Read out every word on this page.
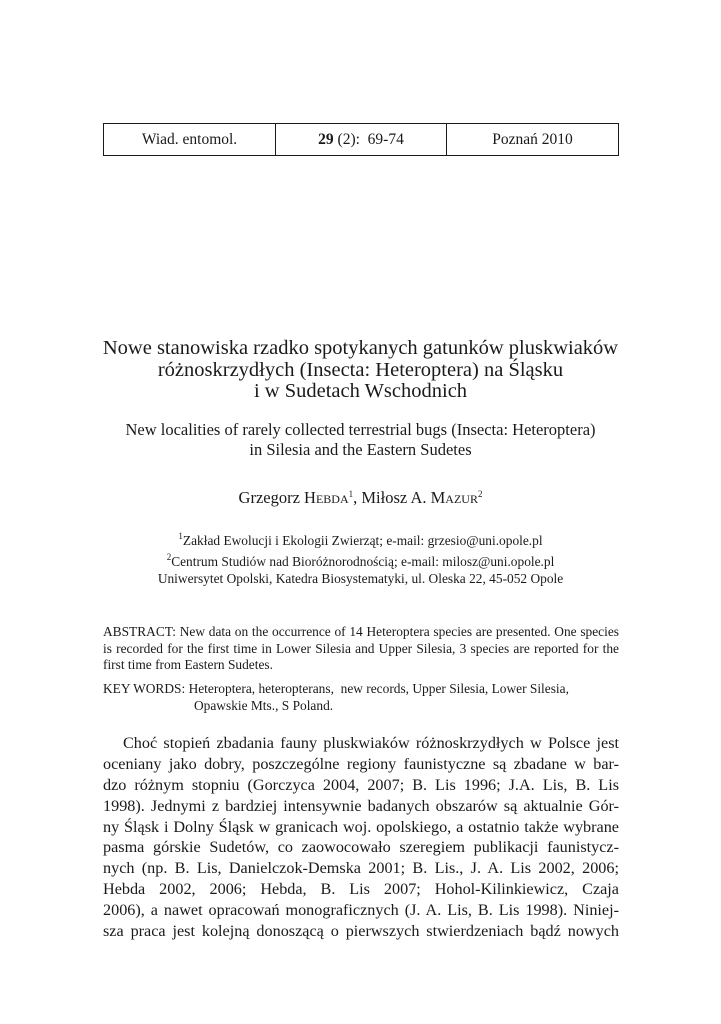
Wiad. entomol.	29 (2):  69-74	Poznań 2010
Nowe stanowiska rzadko spotykanych gatunków pluskwiaków
różnoskrzydłych (Insecta: Heteroptera) na Śląsku
i w Sudetach Wschodnich
New localities of rarely collected terrestrial bugs (Insecta: Heteroptera)
in Silesia and the Eastern Sudetes
Grzegorz Hebda$^1$, Miłosz A. Mazur$^2$
$^1$Zakład Ewolucji i Ekologii Zwierząt; e-mail: grzesio@uni.opole.pl
$^2$Centrum Studiów nad Bioróżnorodnością; e-mail: milosz@uni.opole.pl
Uniwersytet Opolski, Katedra Biosystematyki, ul. Oleska 22, 45-052 Opole
ABSTRACT: New data on the occurrence of 14 Heteroptera species are presented. One species is recorded for the first time in Lower Silesia and Upper Silesia, 3 species are reported for the first time from Eastern Sudetes.
KEY WORDS: Heteroptera, heteropterans,  new records, Upper Silesia, Lower Silesia,
Opawskie Mts., S Poland.
Choć stopień zbadania fauny pluskwiaków różnoskrzydłych w Polsce jest
oceniany jako dobry, poszczególne regiony faunistyczne są zbadane w bar-
dzo różnym stopniu (Gorczyca 2004, 2007; B. Lis 1996; J.A. Lis, B. Lis
1998). Jednymi z bardziej intensywnie badanych obszarów są aktualnie Gór-
ny Śląsk i Dolny Śląsk w granicach woj. opolskiego, a ostatnio także wybrane
pasma górskie Sudetów, co zaowocowało szeregiem publikacji faunistycz-
nych (np. B. Lis, Danielczok-Demska 2001; B. Lis., J. A. Lis 2002, 2006;
Hebda 2002, 2006; Hebda, B. Lis 2007; Hohol-Kilinkiewicz, Czaja
2006), a nawet opracowań monograficznych (J. A. Lis, B. Lis 1998). Niniej-
sza praca jest kolejną donoszącą o pierwszych stwierdzeniach bądź nowych
